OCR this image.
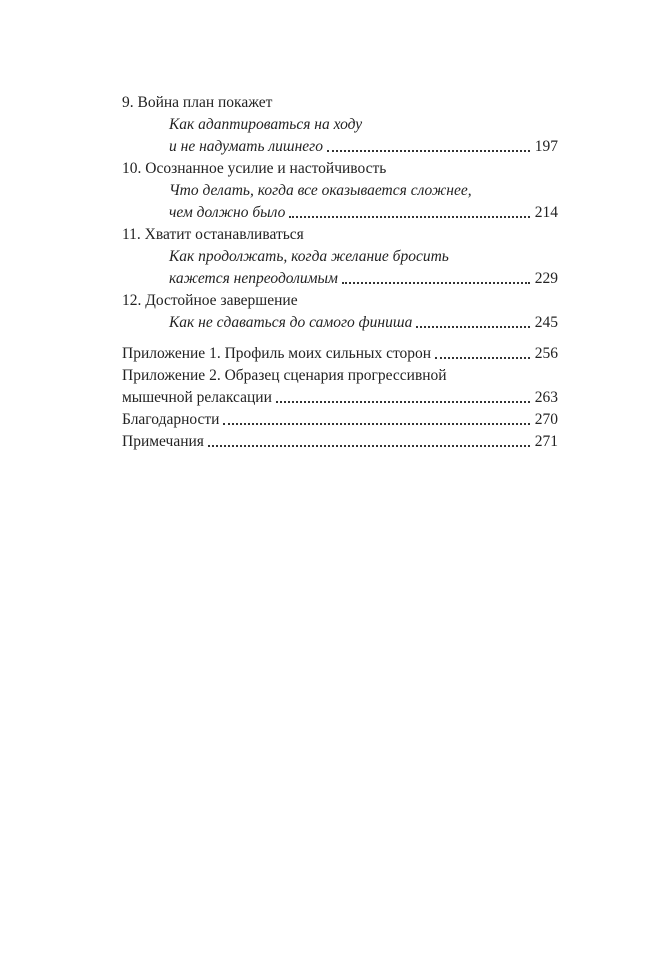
9. Война план покажет
Как адаптироваться на ходу
и не надумать лишнего	197
10. Осознанное усилие и настойчивость
Что делать, когда все оказывается сложнее,
чем должно было	214
11. Хватит останавливаться
Как продолжать, когда желание бросить
кажется непреодолимым	229
12. Достойное завершение
Как не сдаваться до самого финиша	245
Приложение 1. Профиль моих сильных сторон	256
Приложение 2. Образец сценария прогрессивной
мышечной релаксации	263
Благодарности	270
Примечания	271
